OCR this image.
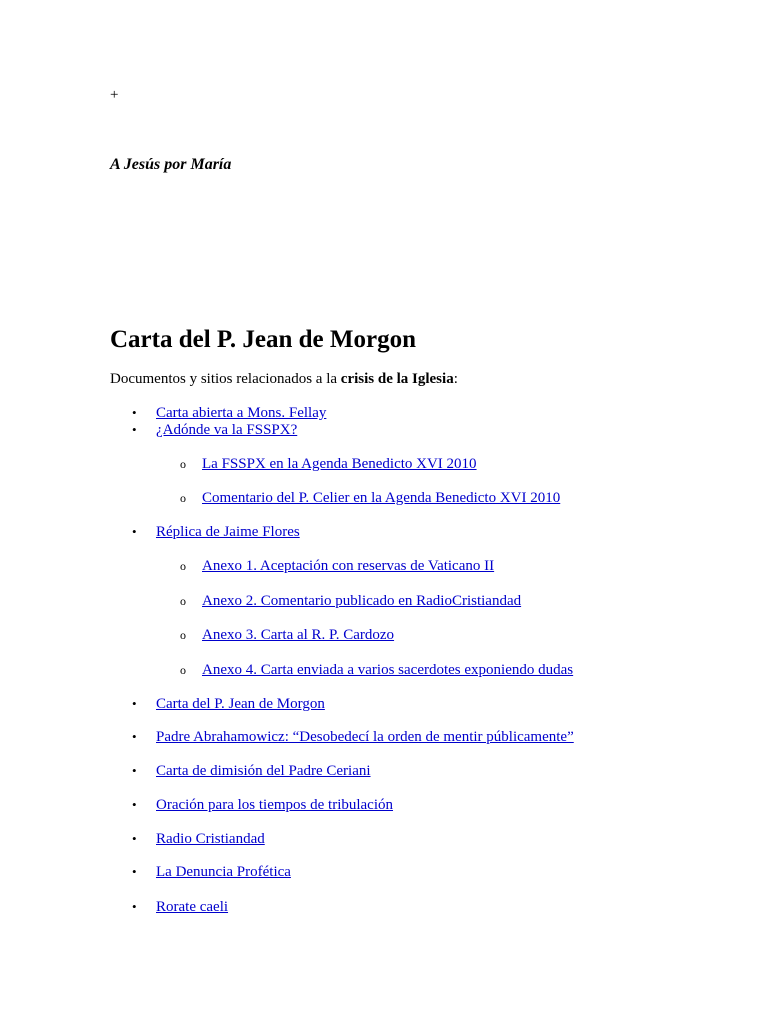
+
A Jesús por María
Carta del P. Jean de Morgon
Documentos y sitios relacionados a la crisis de la Iglesia:
• Carta abierta a Mons. Fellay
• ¿Adónde va la FSSPX?
o La FSSPX en la Agenda Benedicto XVI 2010
o Comentario del P. Celier en la Agenda Benedicto XVI 2010
• Réplica de Jaime Flores
o Anexo 1. Aceptación con reservas de Vaticano II
o Anexo 2. Comentario publicado en RadioCristiandad
o Anexo 3. Carta al R. P. Cardozo
o Anexo 4. Carta enviada a varios sacerdotes exponiendo dudas
• Carta del P. Jean de Morgon
• Padre Abrahamowicz: “Desobedecí la orden de mentir públicamente”
• Carta de dimisión del Padre Ceriani
• Oración para los tiempos de tribulación
• Radio Cristiandad
• La Denuncia Profética
• Rorate caeli
